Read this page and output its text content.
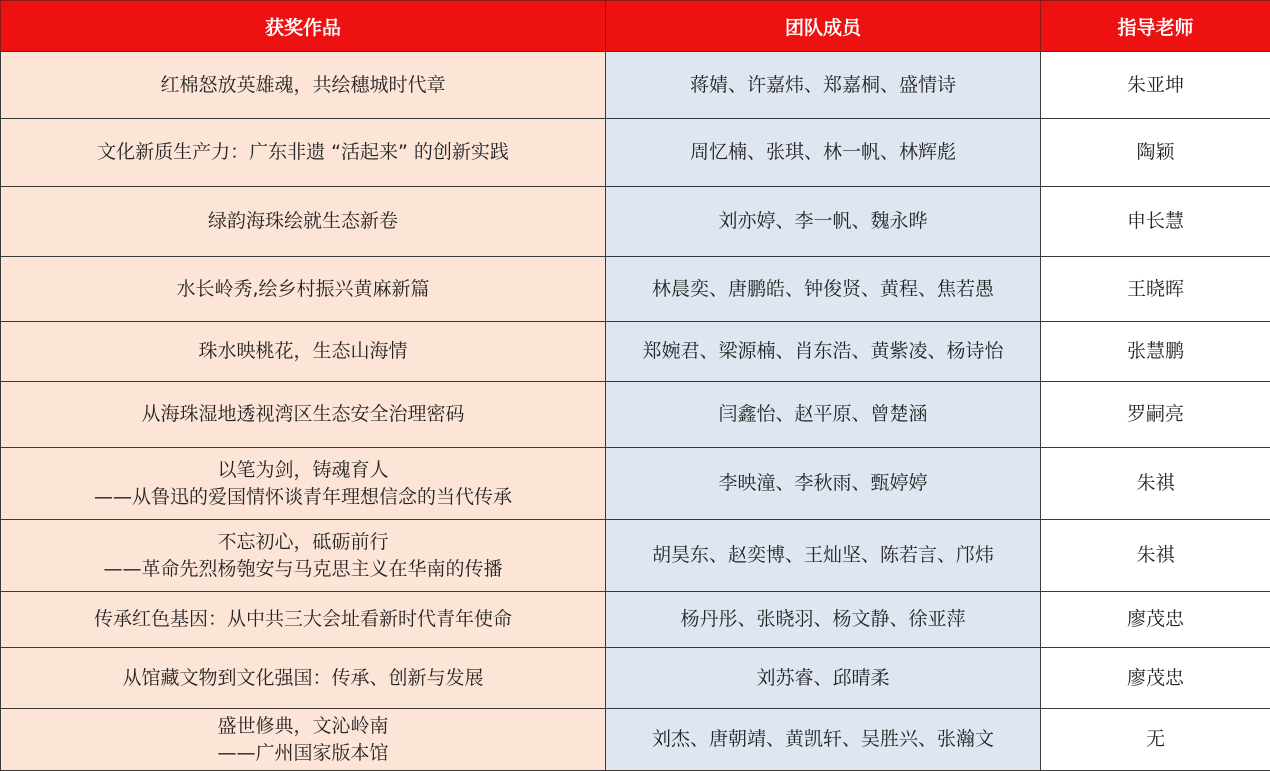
获奖作品	团队成员	指导老师

红棉怒放英雄魂，共绘穗城时代章	蒋婧、许嘉炜、郑嘉桐、盛情诗	朱亚坤

文化新质生产力：广东非遗 “活起来” 的创新实践	周忆楠、张琪、林一帆、林辉彪	陶颖

绿韵海珠绘就生态新卷	刘亦婷、李一帆、魏永晔	申长慧

水长岭秀,绘乡村振兴黄麻新篇	林晨奕、唐鹏皓、钟俊贤、黄程、焦若愚	王晓晖

珠水映桃花，生态山海情	郑婉君、梁源楠、肖东浩、黄紫凌、杨诗怡	张慧鹏

从海珠湿地透视湾区生态安全治理密码	闫鑫怡、赵平原、曾楚涵	罗嗣亮

以笔为剑，铸魂育人
——从鲁迅的爱国情怀谈青年理想信念的当代传承	李映潼、李秋雨、甄婷婷	朱祺

不忘初心，砥砺前行
——革命先烈杨匏安与马克思主义在华南的传播	胡昊东、赵奕博、王灿坚、陈若言、邝炜	朱祺

传承红色基因：从中共三大会址看新时代青年使命	杨丹彤、张晓羽、杨文静、徐亚萍	廖茂忠

从馆藏文物到文化强国：传承、创新与发展	刘苏睿、邱晴柔	廖茂忠

盛世修典，文沁岭南
——广州国家版本馆	刘杰、唐朝靖、黄凯轩、吴胜兴、张瀚文	无
